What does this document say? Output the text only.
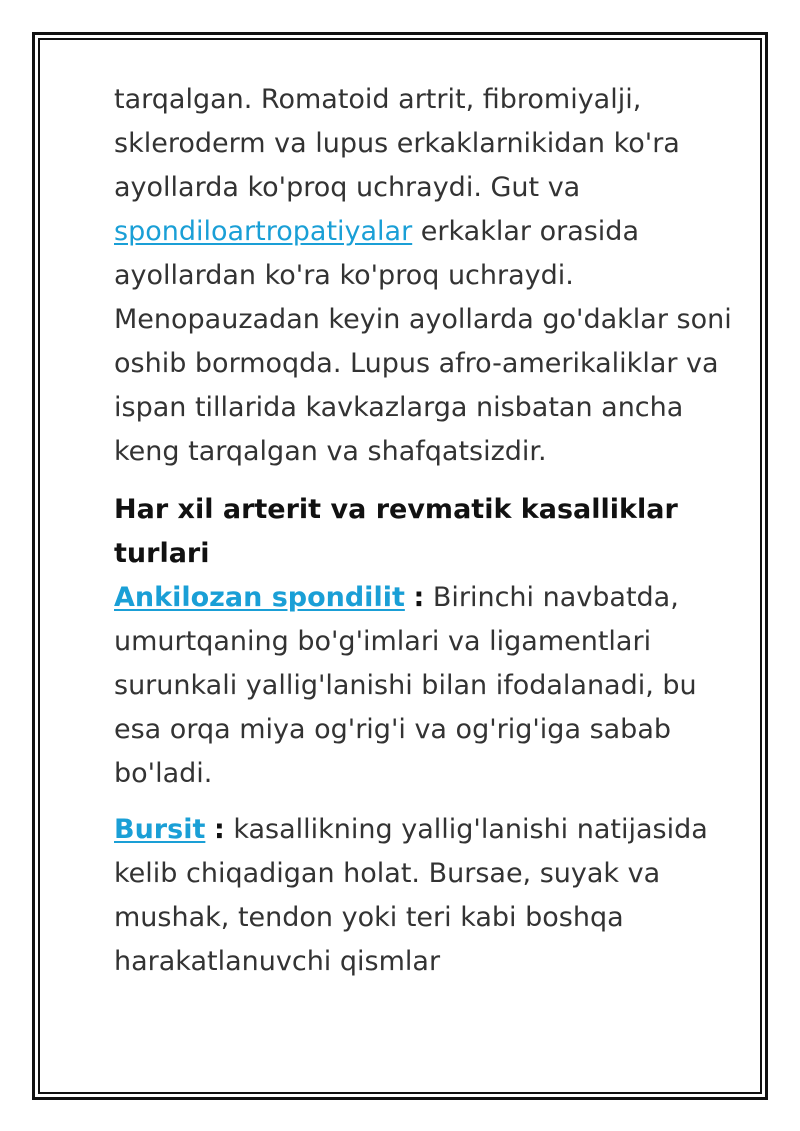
tarqalgan. Romatoid artrit, fibromiyalji, skleroderm va lupus erkaklarnikidan ko'ra ayollarda ko'proq uchraydi. Gut va spondiloartropatiyalar erkaklar orasida ayollardan ko'ra ko'proq uchraydi. Menopauzadan keyin ayollarda go'daklar soni oshib bormoqda. Lupus afro-amerikaliklar va ispan tillarida kavkazlarga nisbatan ancha keng tarqalgan va shafqatsizdir.

Har xil arterit va revmatik kasalliklar turlari

Ankilozan spondilit : Birinchi navbatda, umurtqaning bo'g'imlari va ligamentlari surunkali yallig'lanishi bilan ifodalanadi, bu esa orqa miya og'rig'i va og'rig'iga sabab bo'ladi.

Bursit : kasallikning yallig'lanishi natijasida kelib chiqadigan holat. Bursae, suyak va mushak, tendon yoki teri kabi boshqa harakatlanuvchi qismlar
